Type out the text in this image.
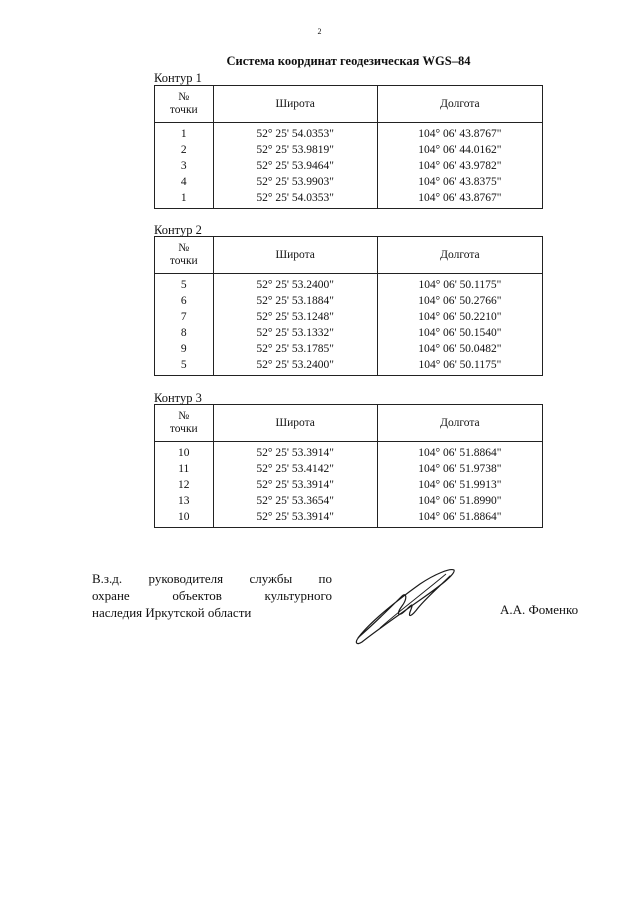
2
Система координат геодезическая WGS–84
Контур 1
№
точки	Широта	Долгота
1	52° 25' 54.0353"	104° 06' 43.8767"
2	52° 25' 53.9819"	104° 06' 44.0162"
3	52° 25' 53.9464"	104° 06' 43.9782"
4	52° 25' 53.9903"	104° 06' 43.8375"
1	52° 25' 54.0353"	104° 06' 43.8767"
Контур 2
№
точки	Широта	Долгота
5	52° 25' 53.2400"	104° 06' 50.1175"
6	52° 25' 53.1884"	104° 06' 50.2766"
7	52° 25' 53.1248"	104° 06' 50.2210"
8	52° 25' 53.1332"	104° 06' 50.1540"
9	52° 25' 53.1785"	104° 06' 50.0482"
5	52° 25' 53.2400"	104° 06' 50.1175"
Контур 3
№
точки	Широта	Долгота
10	52° 25' 53.3914"	104° 06' 51.8864"
11	52° 25' 53.4142"	104° 06' 51.9738"
12	52° 25' 53.3914"	104° 06' 51.9913"
13	52° 25' 53.3654"	104° 06' 51.8990"
10	52° 25' 53.3914"	104° 06' 51.8864"
В.з.д. руководителя службы по
охране	объектов	культурного
наследия Иркутской области	А.А. Фоменко
